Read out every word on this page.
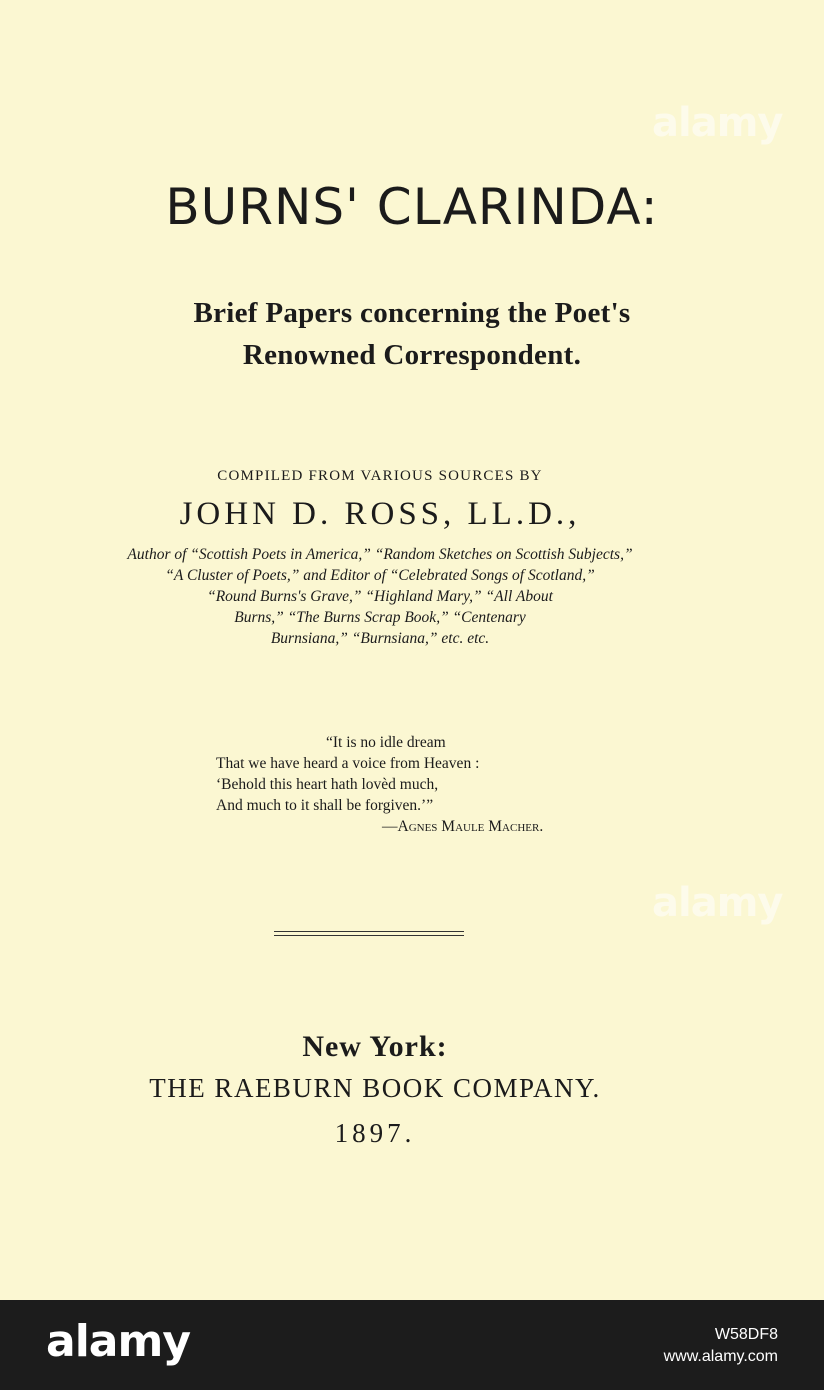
alamy
BURNS' CLARINDA:
Brief Papers concerning the Poet's
Renowned Correspondent.
COMPILED FROM VARIOUS SOURCES BY
JOHN D. ROSS, LL.D.,
Author of “Scottish Poets in America,” “Random Sketches on Scottish Subjects,”
“A Cluster of Poets,” and Editor of “Celebrated Songs of Scotland,”
“Round Burns's Grave,” “Highland Mary,” “All About
Burns,” “The Burns Scrap Book,” “Centenary
Burnsiana,” “Burnsiana,” etc. etc.
“It is no idle dream
That we have heard a voice from Heaven :
‘Behold this heart hath lovèd much,
And much to it shall be forgiven.’”
—Agnes Maule Macher.
alamy
New York:
THE RAEBURN BOOK COMPANY.
1897.
alamy	W58DF8
www.alamy.com
